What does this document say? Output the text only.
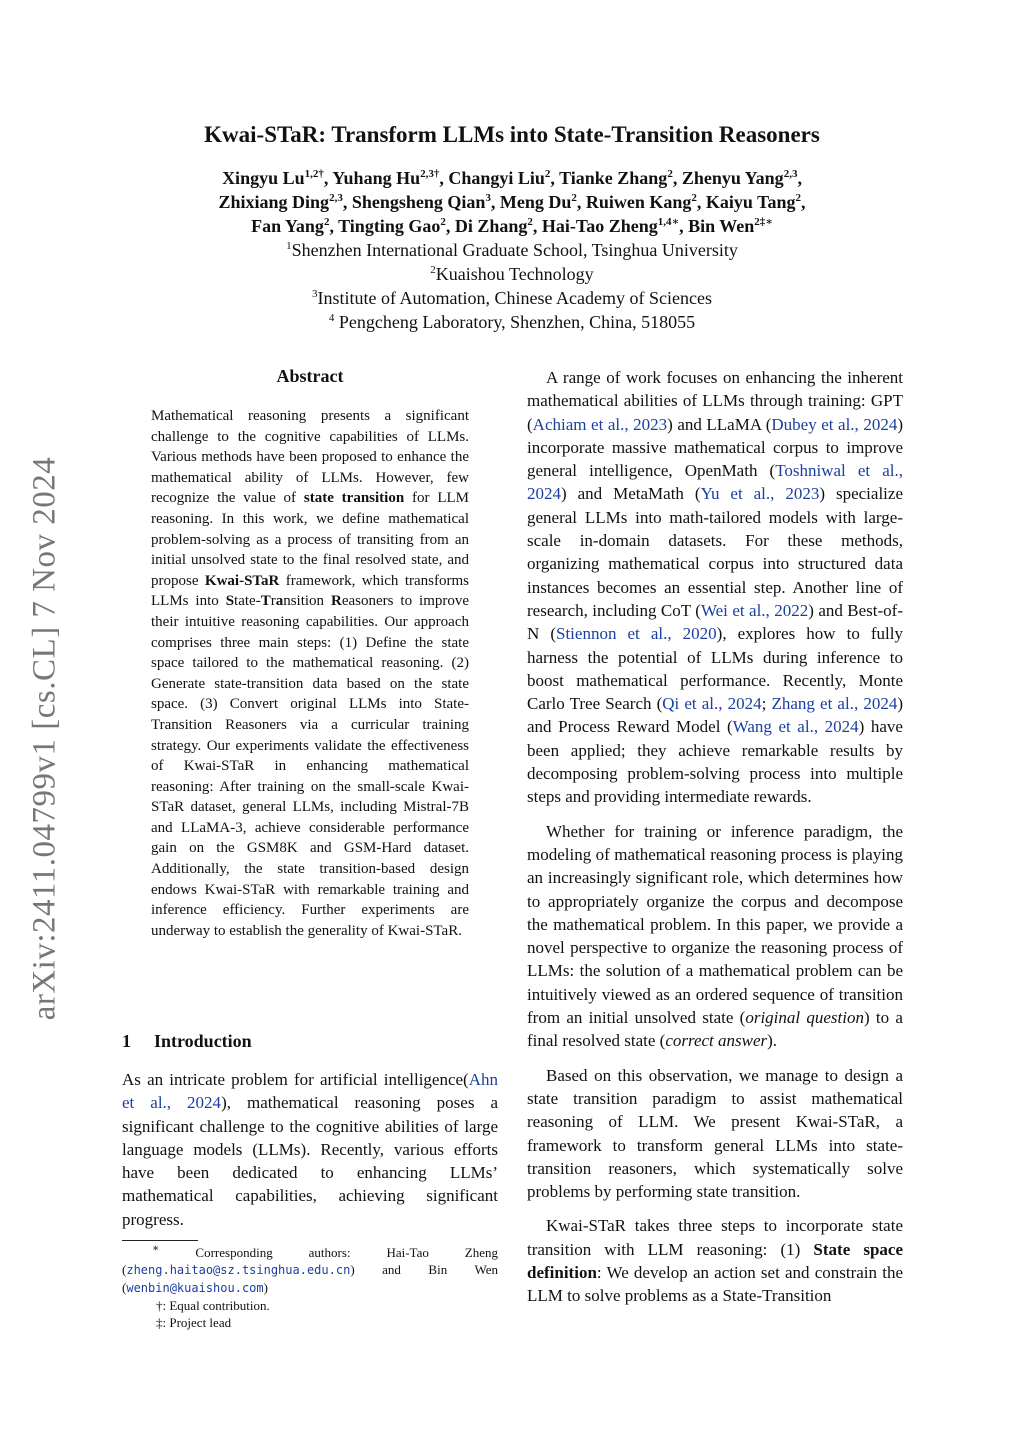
arXiv:2411.04799v1 [cs.CL] 7 Nov 2024
Kwai-STaR: Transform LLMs into State-Transition Reasoners
Xingyu $Lu^{1,2\dagger}$, Yuhang $Hu^{2,3\dagger}$, Changyi Liu$^2$, Tianke Zhang$^2$, Zhenyu Yang$^{2,3}$,
Zhixiang Ding$^{2,3}$, Shengsheng Qian$^3$, Meng Du$^2$, Ruiwen Kang$^2$, Kaiyu Tang$^2$,
Fan Yang$^2$, Tingting Gao$^2$, Di Zhang$^2$, Hai-Tao Zheng$^{1,4∗}$, Bin Wen$^{2\ddagger∗}$
$^1$Shenzhen International Graduate School, Tsinghua University
$^2$Kuaishou Technology
$^3$Institute of Automation, Chinese Academy of Sciences
$^4$ Pengcheng Laboratory, Shenzhen, China, 518055
Abstract
Mathematical reasoning presents a significant challenge to the cognitive capabilities of LLMs. Various methods have been proposed to enhance the mathematical ability of LLMs. However, few recognize the value of state transition for LLM reasoning. In this work, we define mathematical problem-solving as a process of transiting from an initial unsolved state to the final resolved state, and propose Kwai-STaR framework, which transforms LLMs into State-Transition Reasoners to improve their intuitive reasoning capabilities. Our approach comprises three main steps: (1) Define the state space tailored to the mathematical reasoning. (2) Generate state-transition data based on the state space. (3) Convert original LLMs into State-Transition Reasoners via a curricular training strategy. Our experiments validate the effectiveness of Kwai-STaR in enhancing mathematical reasoning: After training on the small-scale Kwai-STaR dataset, general LLMs, including Mistral-7B and LLaMA-3, achieve considerable performance gain on the GSM8K and GSM-Hard dataset. Additionally, the state transition-based design endows Kwai-STaR with remarkable training and inference efficiency. Further experiments are underway to establish the generality of Kwai-STaR.
1 Introduction
As an intricate problem for artificial intelligence(Ahn et al., 2024), mathematical reasoning poses a significant challenge to the cognitive abilities of large language models (LLMs). Recently, various efforts have been dedicated to enhancing LLMs’ mathematical capabilities, achieving significant progress.
∗ Corresponding authors: Hai-Tao Zheng (zheng.haitao@sz.tsinghua.edu.cn) and Bin Wen (wenbin@kuaishou.com)
†: Equal contribution.
‡: Project lead

A range of work focuses on enhancing the inherent mathematical abilities of LLMs through training: GPT (Achiam et al., 2023) and LLaMA (Dubey et al., 2024) incorporate massive mathematical corpus to improve general intelligence, OpenMath (Toshniwal et al., 2024) and MetaMath (Yu et al., 2023) specialize general LLMs into math-tailored models with large-scale in-domain datasets. For these methods, organizing mathematical corpus into structured data instances becomes an essential step. Another line of research, including CoT (Wei et al., 2022) and Best-of-N (Stiennon et al., 2020), explores how to fully harness the potential of LLMs during inference to boost mathematical performance. Recently, Monte Carlo Tree Search (Qi et al., 2024; Zhang et al., 2024) and Process Reward Model (Wang et al., 2024) have been applied; they achieve remarkable results by decomposing problem-solving process into multiple steps and providing intermediate rewards.

Whether for training or inference paradigm, the modeling of mathematical reasoning process is playing an increasingly significant role, which determines how to appropriately organize the corpus and decompose the mathematical problem. In this paper, we provide a novel perspective to organize the reasoning process of LLMs: the solution of a mathematical problem can be intuitively viewed as an ordered sequence of transition from an initial unsolved state (original question) to a final resolved state (correct answer).

Based on this observation, we manage to design a state transition paradigm to assist mathematical reasoning of LLM. We present Kwai-STaR, a framework to transform general LLMs into state-transition reasoners, which systematically solve problems by performing state transition.

Kwai-STaR takes three steps to incorporate state transition with LLM reasoning: (1) State space definition: We develop an action set and constrain the LLM to solve problems as a State-Transition
